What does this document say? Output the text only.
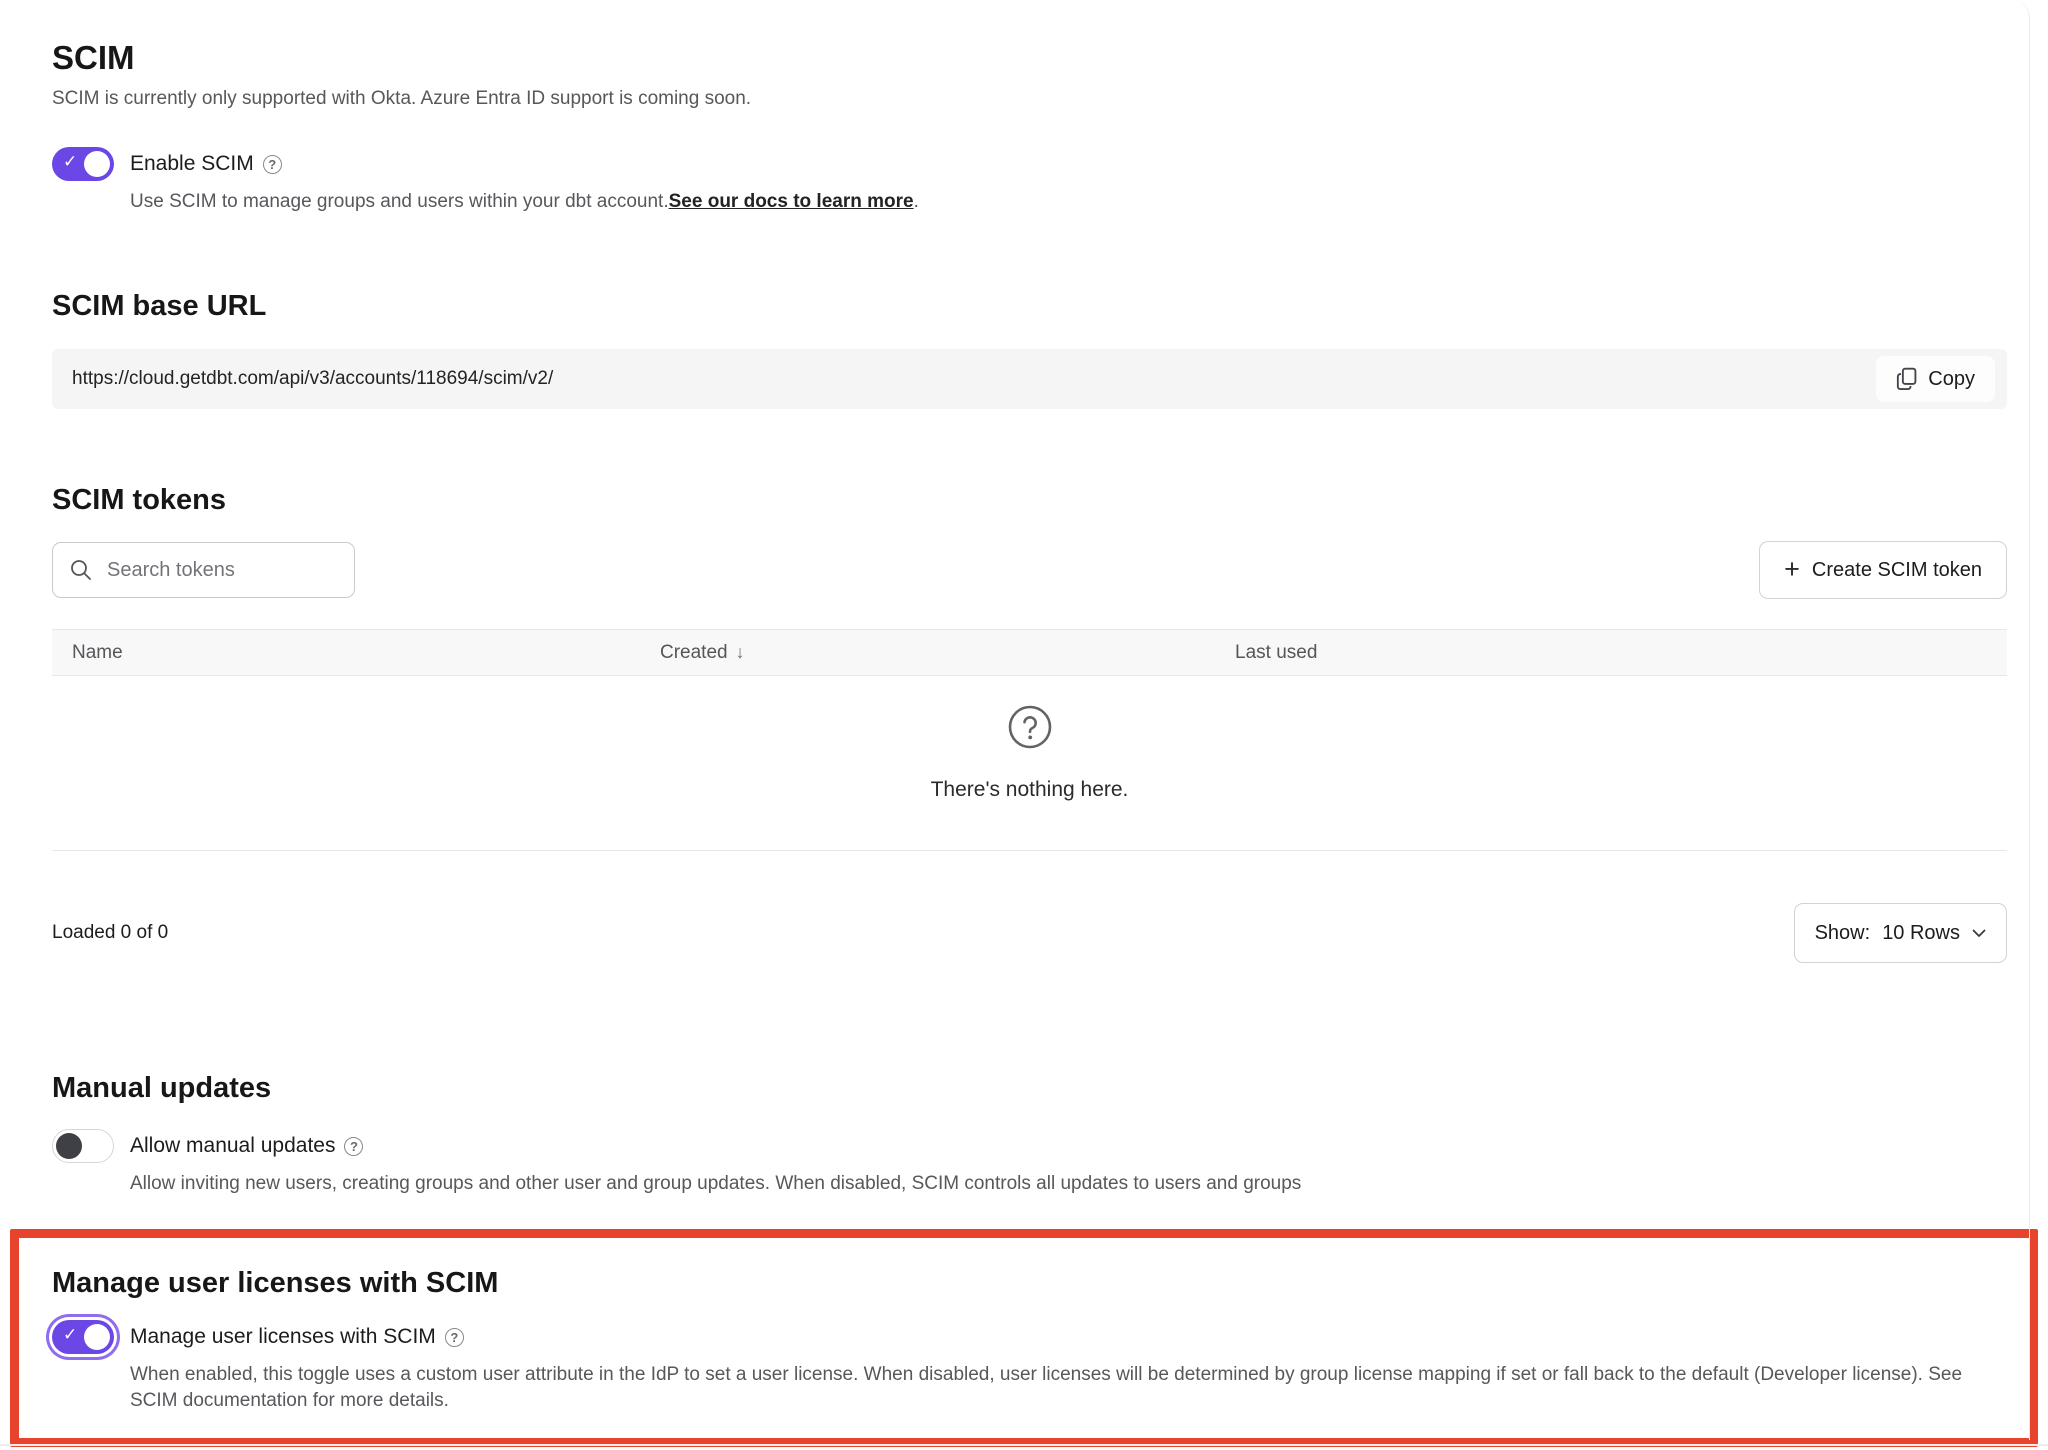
SCIM
SCIM is currently only supported with Okta. Azure Entra ID support is coming soon.
✓	Enable SCIM	?
Use SCIM to manage groups and users within your dbt account.See our docs to learn more.
SCIM base URL
https://cloud.getdbt.com/api/v3/accounts/118694/scim/v2/	Copy
SCIM tokens
Search tokens
+ Create SCIM token
Name	Created ↓	Last used
There's nothing here.
Loaded 0 of 0	Show: 10 Rows
Manual updates
Allow manual updates	?
Allow inviting new users, creating groups and other user and group updates. When disabled, SCIM controls all updates to users and groups
Manage user licenses with SCIM
✓	Manage user licenses with SCIM	?
When enabled, this toggle uses a custom user attribute in the IdP to set a user license. When disabled, user licenses will be determined by group license mapping if set or fall back to the default (Developer license). See SCIM documentation for more details.
